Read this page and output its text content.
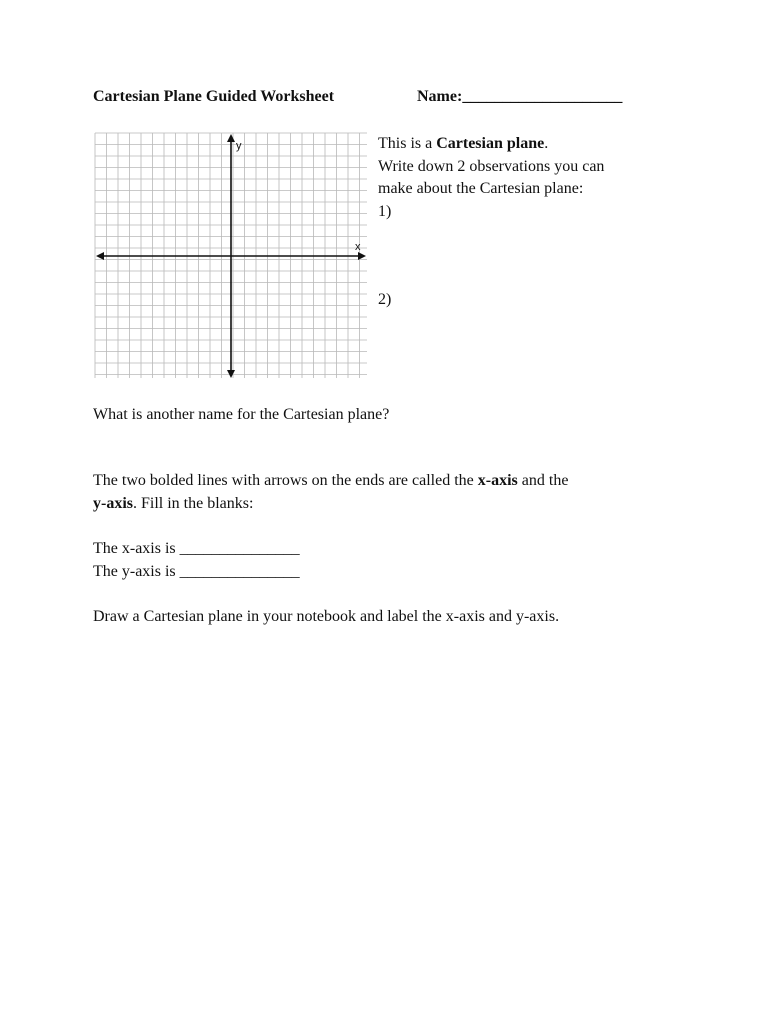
Cartesian Plane Guided Worksheet	Name:____________________
y
x
This is a Cartesian plane.
Write down 2 observations you can
make about the Cartesian plane:
1)
2)
What is another name for the Cartesian plane?
The two bolded lines with arrows on the ends are called the x-axis and the
y-axis. Fill in the blanks:
The x-axis is _______________
The y-axis is _______________
Draw a Cartesian plane in your notebook and label the x-axis and y-axis.
